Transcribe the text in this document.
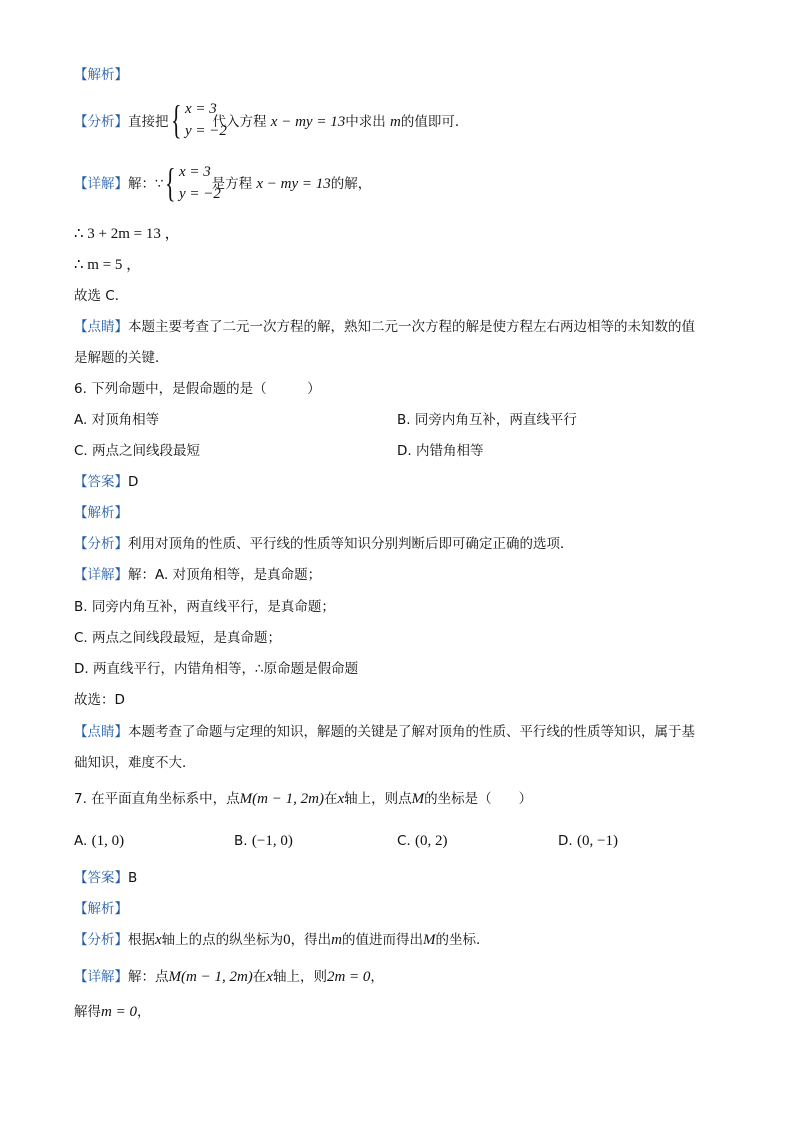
【解析】
【分析】直接把	代入方程 x − my = 13中求出 m的值即可．
{ x = 3
y = −2
【详解】解：∵	是方程 x − my = 13的解，
{ x = 3
y = −2
∴ 3 + 2m = 13 ，
∴ m = 5 ，
故选 C．
【点睛】本题主要考查了二元一次方程的解，熟知二元一次方程的解是使方程左右两边相等的未知数的值
是解题的关键．
6. 下列命题中，是假命题的是（　　　）
A. 对顶角相等	B. 同旁内角互补，两直线平行
C. 两点之间线段最短	D. 内错角相等
【答案】D
【解析】
【分析】利用对顶角的性质、平行线的性质等知识分别判断后即可确定正确的选项．
【详解】解：A. 对顶角相等，是真命题；
B. 同旁内角互补，两直线平行，是真命题；
C. 两点之间线段最短，是真命题；
D. 两直线平行，内错角相等，∴原命题是假命题
故选：D
【点睛】本题考查了命题与定理的知识，解题的关键是了解对顶角的性质、平行线的性质等知识，属于基
础知识，难度不大．
7. 在平面直角坐标系中，点M(m − 1, 2m)在x轴上，则点M的坐标是（　　）
A. (1, 0)	B. (−1, 0)	C. (0, 2)	D. (0, −1)
【答案】B
【解析】
【分析】根据x轴上的点的纵坐标为0，得出m的值进而得出M的坐标．
【详解】解：点M(m − 1, 2m)在x轴上，则2m = 0，
解得m = 0，
